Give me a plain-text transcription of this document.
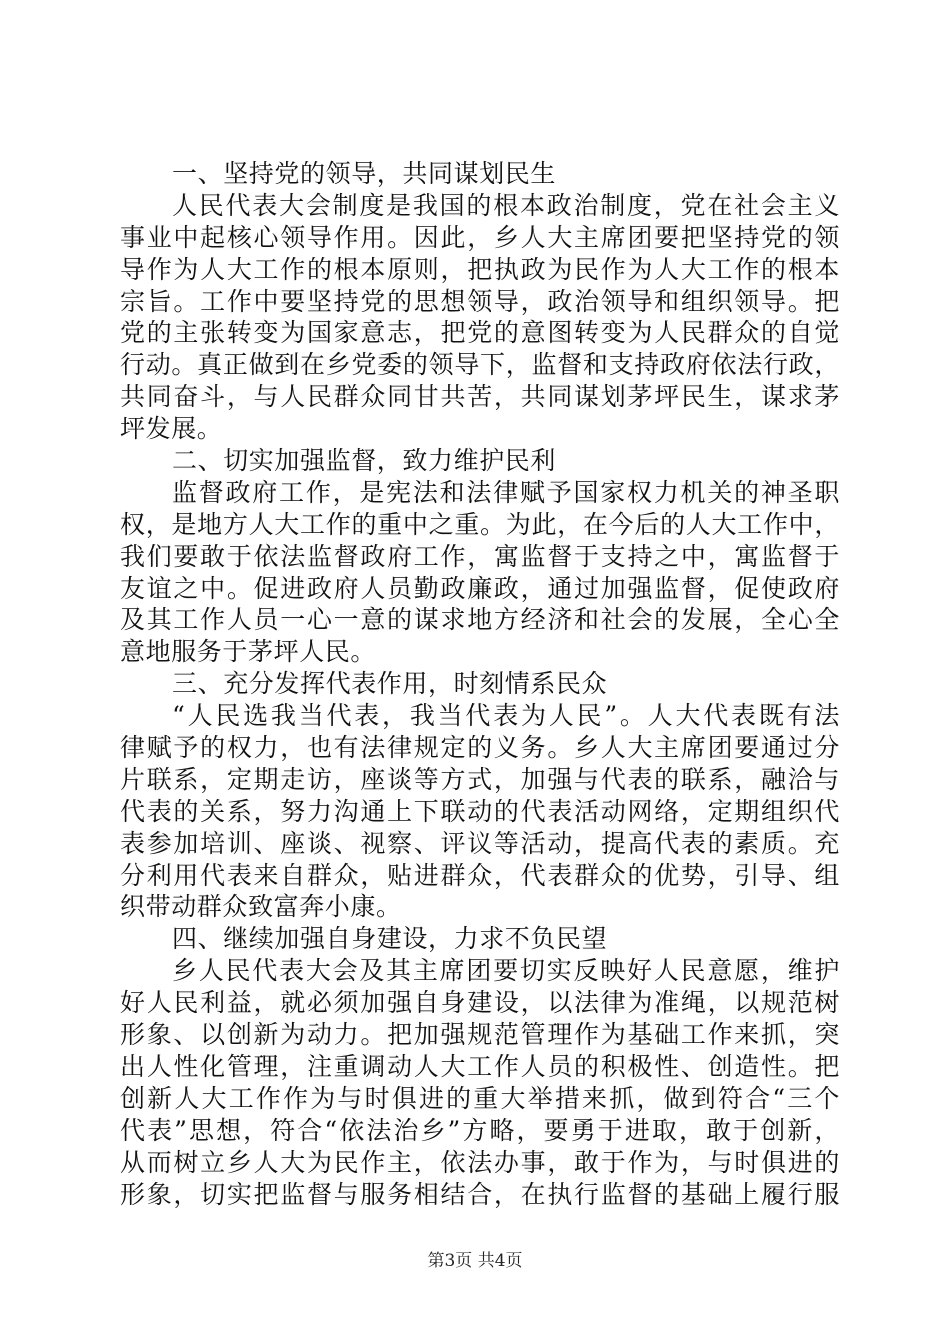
一、坚持党的领导，共同谋划民生
人民代表大会制度是我国的根本政治制度，党在社会主义
事业中起核心领导作用。因此，乡人大主席团要把坚持党的领
导作为人大工作的根本原则，把执政为民作为人大工作的根本
宗旨。工作中要坚持党的思想领导，政治领导和组织领导。把
党的主张转变为国家意志，把党的意图转变为人民群众的自觉
行动。真正做到在乡党委的领导下，监督和支持政府依法行政，
共同奋斗，与人民群众同甘共苦，共同谋划茅坪民生，谋求茅
坪发展。
二、切实加强监督，致力维护民利
监督政府工作，是宪法和法律赋予国家权力机关的神圣职
权，是地方人大工作的重中之重。为此，在今后的人大工作中，
我们要敢于依法监督政府工作，寓监督于支持之中，寓监督于
友谊之中。促进政府人员勤政廉政，通过加强监督，促使政府
及其工作人员一心一意的谋求地方经济和社会的发展，全心全
意地服务于茅坪人民。
三、充分发挥代表作用，时刻情系民众
“人民选我当代表，我当代表为人民”。人大代表既有法
律赋予的权力，也有法律规定的义务。乡人大主席团要通过分
片联系，定期走访，座谈等方式，加强与代表的联系，融洽与
代表的关系，努力沟通上下联动的代表活动网络，定期组织代
表参加培训、座谈、视察、评议等活动，提高代表的素质。充
分利用代表来自群众，贴进群众，代表群众的优势，引导、组
织带动群众致富奔小康。
四、继续加强自身建设，力求不负民望
乡人民代表大会及其主席团要切实反映好人民意愿，维护
好人民利益，就必须加强自身建设，以法律为准绳，以规范树
形象、以创新为动力。把加强规范管理作为基础工作来抓，突
出人性化管理，注重调动人大工作人员的积极性、创造性。把
创新人大工作作为与时俱进的重大举措来抓，做到符合“三个
代表”思想，符合“依法治乡”方略，要勇于进取，敢于创新，
从而树立乡人大为民作主，依法办事，敢于作为，与时俱进的
形象，切实把监督与服务相结合，在执行监督的基础上履行服
第3页 共4页
